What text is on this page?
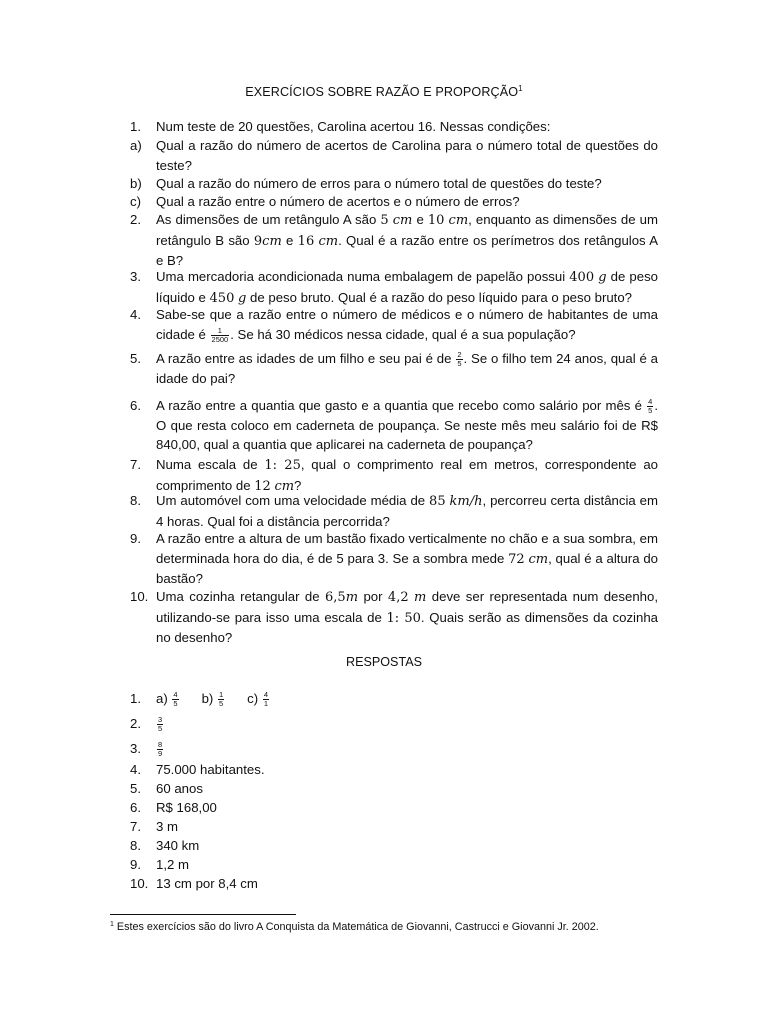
EXERCÍCIOS SOBRE RAZÃO E PROPORÇÃO$^1$
1. Num teste de 20 questões, Carolina acertou 16. Nessas condições:
a) Qual a razão do número de acertos de Carolina para o número total de questões do teste?
b) Qual a razão do número de erros para o número total de questões do teste?
c) Qual a razão entre o número de acertos e o número de erros?
2. As dimensões de um retângulo A são 5 cm e 10 cm, enquanto as dimensões de um retângulo B são 9cm e 16 cm. Qual é a razão entre os perímetros dos retângulos A e B?
3. Uma mercadoria acondicionada numa embalagem de papelão possui 400 g de peso líquido e 450 g de peso bruto. Qual é a razão do peso líquido para o peso bruto?
4. Sabe-se que a razão entre o número de médicos e o número de habitantes de uma cidade é $\frac{1}{2500}$ . Se há 30 médicos nessa cidade, qual é a sua população?
5. A razão entre as idades de um filho e seu pai é de $\frac{2}{5}$ . Se o filho tem 24 anos, qual é a idade do pai?
6. A razão entre a quantia que gasto e a quantia que recebo como salário por mês é $\frac{4}{5}$ . O que resta coloco em caderneta de poupança. Se neste mês meu salário foi de R$ 840,00, qual a quantia que aplicarei na caderneta de poupança?
7. Numa escala de 1: 25, qual o comprimento real em metros, correspondente ao comprimento de 12 cm?
8. Um automóvel com uma velocidade média de 85 km/h, percorreu certa distância em 4 horas. Qual foi a distância percorrida?
9. A razão entre a altura de um bastão fixado verticalmente no chão e a sua sombra, em determinada hora do dia, é de 5 para 3. Se a sombra mede 72 cm, qual é a altura do bastão?
10. Uma cozinha retangular de 6,5m por 4,2 m deve ser representada num desenho, utilizando-se para isso uma escala de 1: 50. Quais serão as dimensões da cozinha no desenho?
RESPOSTAS
1. $a) \frac{4}{5} b) \frac{1}{5} c) \frac{4}{1}$
2. $\frac{3}{5}$
3. $\frac{8}{9}$
4. 75.000 habitantes.
5. 60 anos
6. R$ 168,00
7. 3 m
8. 340 km
9. 1,2 m
10. 13 cm por 8,4 cm
$^1$ Estes exercícios são do livro A Conquista da Matemática de Giovanni, Castrucci e Giovanni Jr. 2002.
